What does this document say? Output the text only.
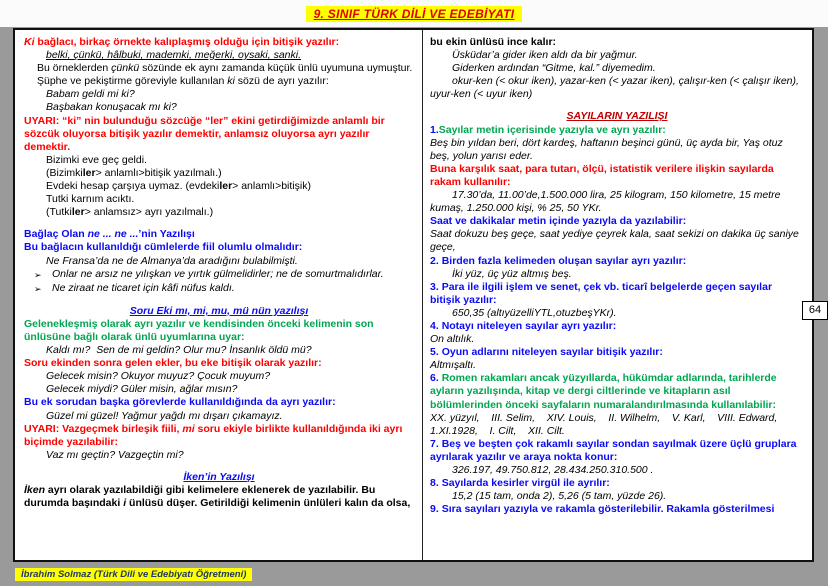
9. SINIF TÜRK DİLİ VE EDEBİYATI

Ki bağlacı, birkaç örnekte kalıplaşmış olduğu için bitişik yazılır:

belki, çünkü, hâlbuki, mademki, meğerki, oysaki, sanki.

Bu örneklerden çünkü sözünde ek aynı zamanda küçük ünlü uyumuna uymuştur.

Şüphe ve pekiştirme göreviyle kullanılan ki sözü de ayrı yazılır:

Babam geldi mi ki?

Başbakan konuşacak mı ki?

UYARI: “ki” nin bulunduğu sözcüğe “ler” ekini getirdiğimizde anlamlı bir sözcük oluyorsa bitişik yazılır demektir, anlamsız oluyorsa ayrı yazılır demektir.

Bizimki eve geç geldi.

(Bizimkiler> anlamlı>bitişik yazılmalı.)

Evdeki hesap çarşıya uymaz. (evdekiler> anlamlı>bitişik)

Tutki karnım acıktı.

(Tutkiler> anlamsız> ayrı yazılmalı.)

Bağlaç Olan ne ... ne ...’nin Yazılışı

Bu bağlacın kullanıldığı cümlelerde fiil olumlu olmalıdır:

Ne Fransa’da ne de Almanya’da aradığını bulabilmişti.

➢ Onlar ne arsız ne yılışkan ve yırtık gülmelidirler; ne de somurtmalıdırlar.

➢ Ne ziraat ne ticaret için kâfi nüfus kaldı.

Soru Eki mı, mi, mu, mü nün yazılışı

Gelenekleşmiş olarak ayrı yazılır ve kendisinden önceki kelimenin son ünlüsüne bağlı olarak ünlü uyumlarına uyar:

Kaldı mı?  Sen de mi geldin? Olur mu? İnsanlık öldü mü?

Soru ekinden sonra gelen ekler, bu eke bitişik olarak yazılır:

Gelecek misin? Okuyor muyuz? Çocuk muyum?

Gelecek miydi? Güler misin, ağlar mısın?

Bu ek sorudan başka görevlerde kullanıldığında da ayrı yazılır:

Güzel mi güzel! Yağmur yağdı mı dışarı çıkamayız.

UYARI: Vazgeçmek birleşik fiili, mi soru ekiyle birlikte kullanıldığında iki ayrı biçimde yazılabilir:

Vaz mı geçtin? Vazgeçtin mi?

İken’in Yazılışı

İken ayrı olarak yazılabildiği gibi kelimelere eklenerek de yazılabilir. Bu durumda başındaki i ünlüsü düşer. Getirildiği kelimenin ünlüleri kalın da olsa,

bu ekin ünlüsü ince kalır:

Üsküdar’a gider iken aldı da bir yağmur.

Giderken ardından “Gitme, kal.” diyemedim.

okur-ken (< okur iken), yazar-ken (< yazar iken), çalışır-ken (< çalışır iken), uyur-ken (< uyur iken)

SAYILARIN YAZILIŞI

1.Sayılar metin içerisinde yazıyla ve ayrı yazılır:

Beş bin yıldan beri, dört kardeş, haftanın beşinci günü, üç ayda bir, Yaş otuz beş, yolun yarısı eder.

Buna karşılık saat, para tutarı, ölçü, istatistik verilere ilişkin sayılarda rakam kullanılır:

17.30’da, 11.00’de,1.500.000 lira, 25 kilogram, 150 kilometre, 15 metre kumaş, 1.250.000 kişi, % 25, 50 YKr.

Saat ve dakikalar metin içinde yazıyla da yazılabilir:

Saat dokuzu beş geçe, saat yediye çeyrek kala, saat sekizi on dakika üç saniye geçe,

2. Birden fazla kelimeden oluşan sayılar ayrı yazılır:

İki yüz, üç yüz altmış beş.

3. Para ile ilgili işlem ve senet, çek vb. ticarî belgelerde geçen sayılar bitişik yazılır:

650,35 (altıyüzelliYTL,otuzbeşYKr).

4. Notayı niteleyen sayılar ayrı yazılır:

On altılık.

5. Oyun adlarını niteleyen sayılar bitişik yazılır:

Altmışaltı.

6. Romen rakamları ancak yüzyıllarda, hükümdar adlarında, tarihlerde ayların yazılışında, kitap ve dergi ciltlerinde ve kitapların asıl bölümlerinden önceki sayfaların numaralandırılmasında kullanılabilir:

XX. yüzyıl,    III. Selim,    XIV. Louis,    II. Wilhelm,    V. Karl,    VIII. Edward,    1.XI.1928,    I. Cilt,    XII. Cilt.

7. Beş ve beşten çok rakamlı sayılar sondan sayılmak üzere üçlü gruplara ayrılarak yazılır ve araya nokta konur:

326.197, 49.750.812, 28.434.250.310.500 .

8. Sayılarda kesirler virgül ile ayrılır:

15,2 (15 tam, onda 2), 5,26 (5 tam, yüzde 26).

9. Sıra sayıları yazıyla ve rakamla gösterilebilir. Rakamla gösterilmesi

64
İbrahim Solmaz (Türk Dili ve Edebiyatı Öğretmeni)
